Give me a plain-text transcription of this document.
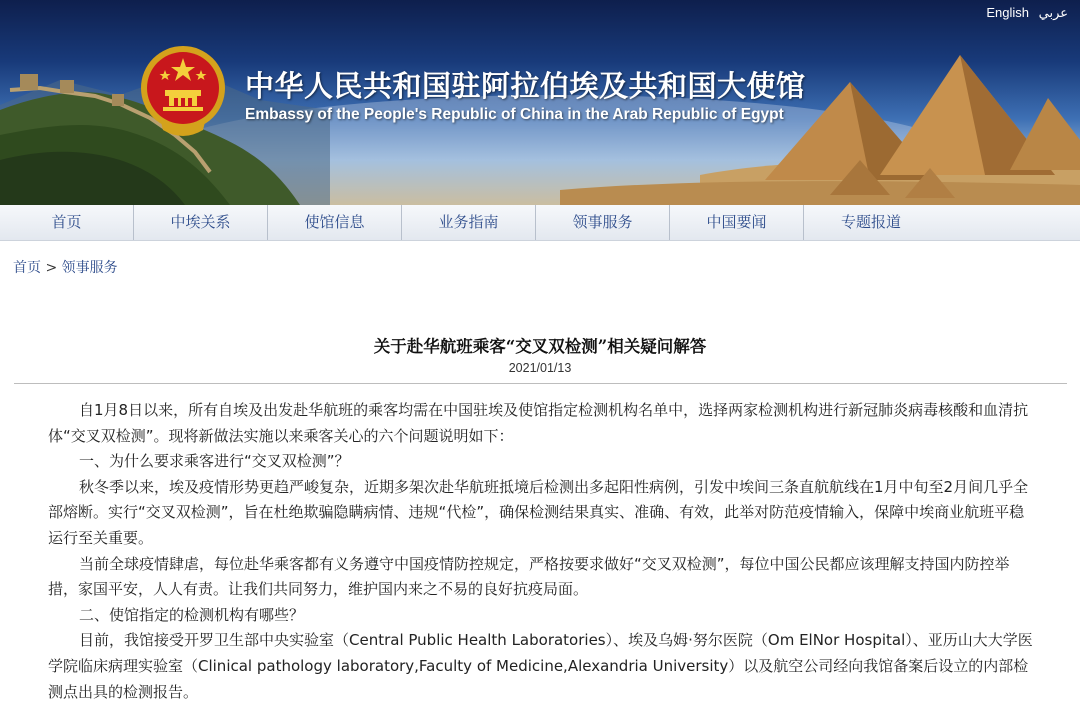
English عربي
中华人民共和国驻阿拉伯埃及共和国大使馆
Embassy of the People's Republic of China in the Arab Republic of Egypt
首页	中埃关系	使馆信息	业务指南	领事服务	中国要闻	专题报道
首页 > 领事服务
关于赴华航班乘客“交叉双检测”相关疑问解答
2021/01/13

自1月8日以来，所有自埃及出发赴华航班的乘客均需在中国驻埃及使馆指定检测机构名单中，选择两家检测机构进行新冠肺炎病毒核酸和血清抗体“交叉双检测”。现将新做法实施以来乘客关心的六个问题说明如下：

一、为什么要求乘客进行“交叉双检测”？

秋冬季以来，埃及疫情形势更趋严峻复杂，近期多架次赴华航班抵境后检测出多起阳性病例，引发中埃间三条直航航线在1月中旬至2月间几乎全部熔断。实行“交叉双检测”，旨在杜绝欺骗隐瞒病情、违规“代检”，确保检测结果真实、准确、有效，此举对防范疫情输入，保障中埃商业航班平稳运行至关重要。

当前全球疫情肆虐，每位赴华乘客都有义务遵守中国疫情防控规定，严格按要求做好“交叉双检测”，每位中国公民都应该理解支持国内防控举措，家国平安，人人有责。让我们共同努力，维护国内来之不易的良好抗疫局面。

二、使馆指定的检测机构有哪些？

目前，我馆接受开罗卫生部中央实验室（Central Public Health Laboratories）、埃及乌姆·努尔医院（Om ElNor Hospital）、亚历山大大学医学院临床病理实验室（Clinical pathology laboratory,Faculty of Medicine,Alexandria University）以及航空公司经向我馆备案后设立的内部检测点出具的检测报告。
